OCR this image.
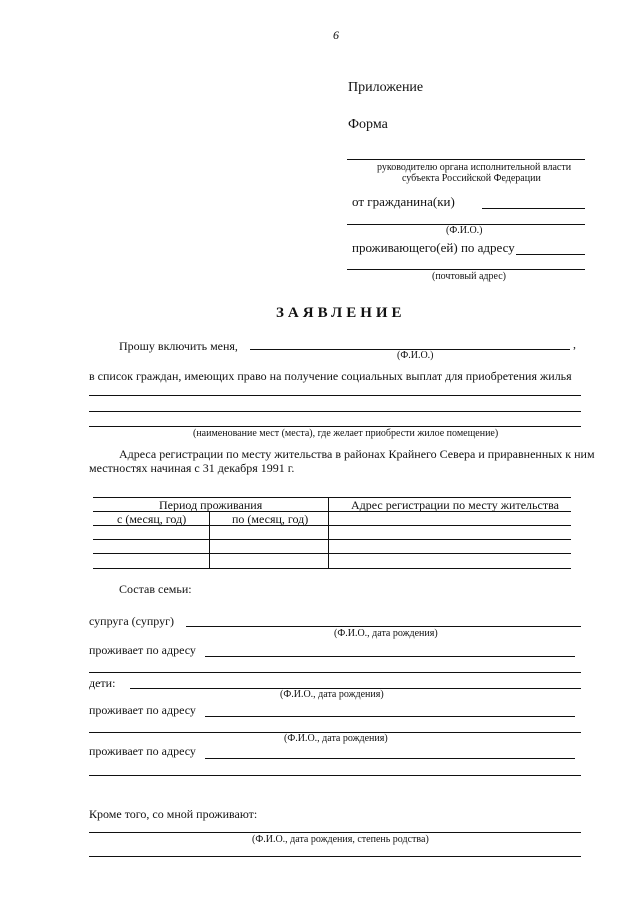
6
Приложение
Форма
руководителю органа исполнительной власти
субъекта Российской Федерации
от гражданина(ки)
(Ф.И.О.)
проживающего(ей) по адресу
(почтовый адрес)
ЗАЯВЛЕНИЕ
Прошу включить меня,	,
(Ф.И.О.)
в список граждан, имеющих право на получение социальных выплат для приобретения жилья
(наименование мест (места), где желает приобрести жилое помещение)
Адреса регистрации по месту жительства в районах Крайнего Севера и приравненных к ним
местностях начиная с 31 декабря 1991 г.
Период проживания	Адрес регистрации по месту жительства
с (месяц, год)	по (месяц, год)
Состав семьи:
супруга (супруг)
(Ф.И.О., дата рождения)
проживает по адресу
дети:
(Ф.И.О., дата рождения)
проживает по адресу
(Ф.И.О., дата рождения)
проживает по адресу
Кроме того, со мной проживают:
(Ф.И.О., дата рождения, степень родства)
